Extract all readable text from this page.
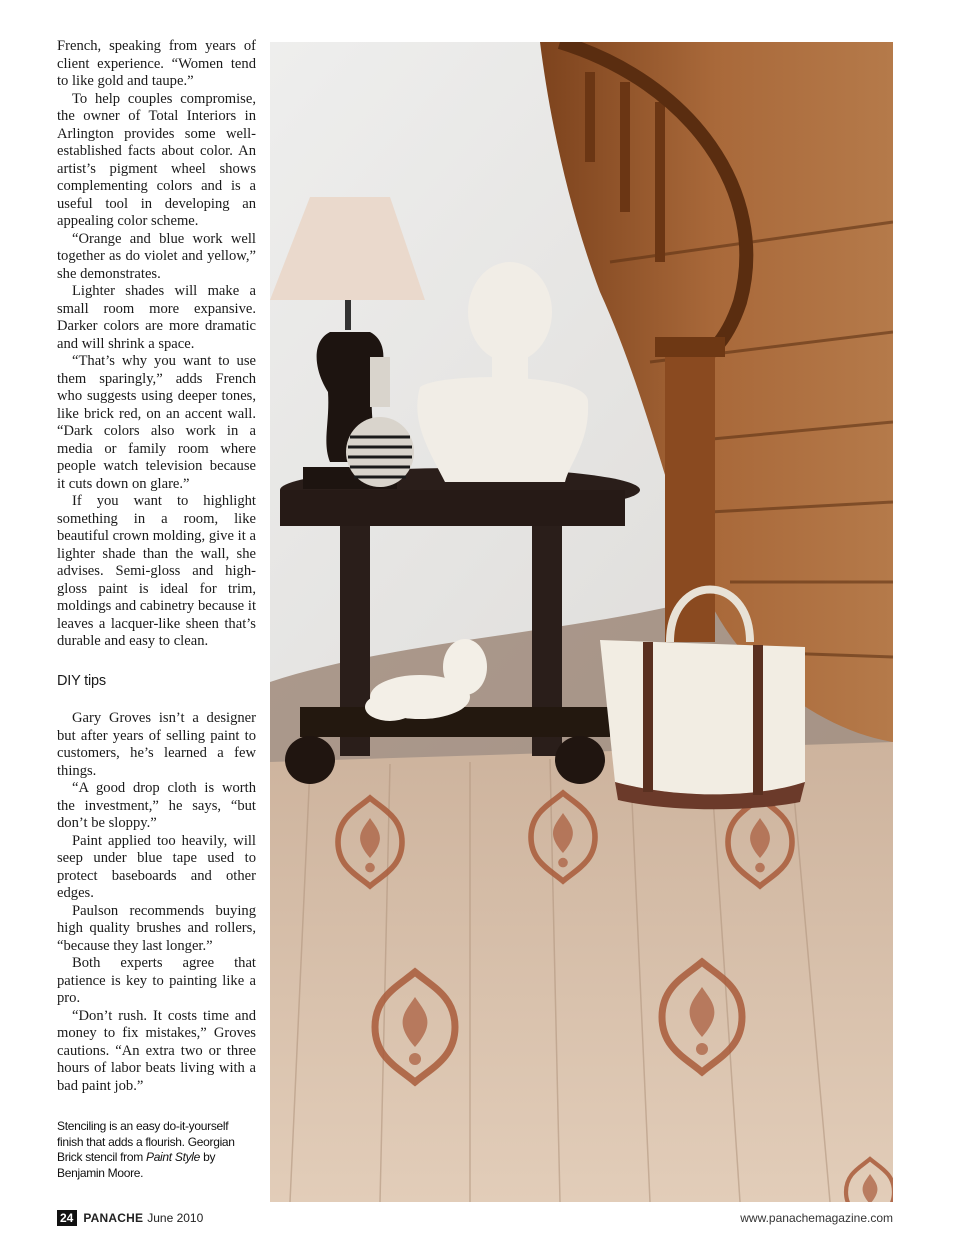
French, speaking from years of client experience. “Women tend to like gold and taupe.”

To help couples compromise, the owner of Total Interiors in Arlington provides some well-established facts about color. An artist’s pigment wheel shows complementing colors and is a useful tool in developing an appealing color scheme.

“Orange and blue work well together as do violet and yellow,” she demonstrates.

Lighter shades will make a small room more expansive. Darker colors are more dramatic and will shrink a space.

“That’s why you want to use them sparingly,” adds French who suggests using deeper tones, like brick red, on an accent wall. “Dark colors also work in a media or family room where people watch television because it cuts down on glare.”

If you want to highlight something in a room, like beautiful crown molding, give it a lighter shade than the wall, she advises. Semi-gloss and high-gloss paint is ideal for trim, moldings and cabinetry because it leaves a lacquer-like sheen that’s durable and easy to clean.

DIY tips

Gary Groves isn’t a designer but after years of selling paint to customers, he’s learned a few things.

“A good drop cloth is worth the investment,” he says, “but don’t be sloppy.”

Paint applied too heavily, will seep under blue tape used to protect baseboards and other edges.

Paulson recommends buying high quality brushes and rollers, “because they last longer.”

Both experts agree that patience is key to painting like a pro.

“Don’t rush. It costs time and money to fix mistakes,” Groves cautions. “An extra two or three hours of labor beats living with a bad paint job.”

Stenciling is an easy do-it-yourself finish that adds a flourish. Georgian Brick stencil from Paint Style by Benjamin Moore.
24 PANACHE June 2010	www.panachemagazine.com
